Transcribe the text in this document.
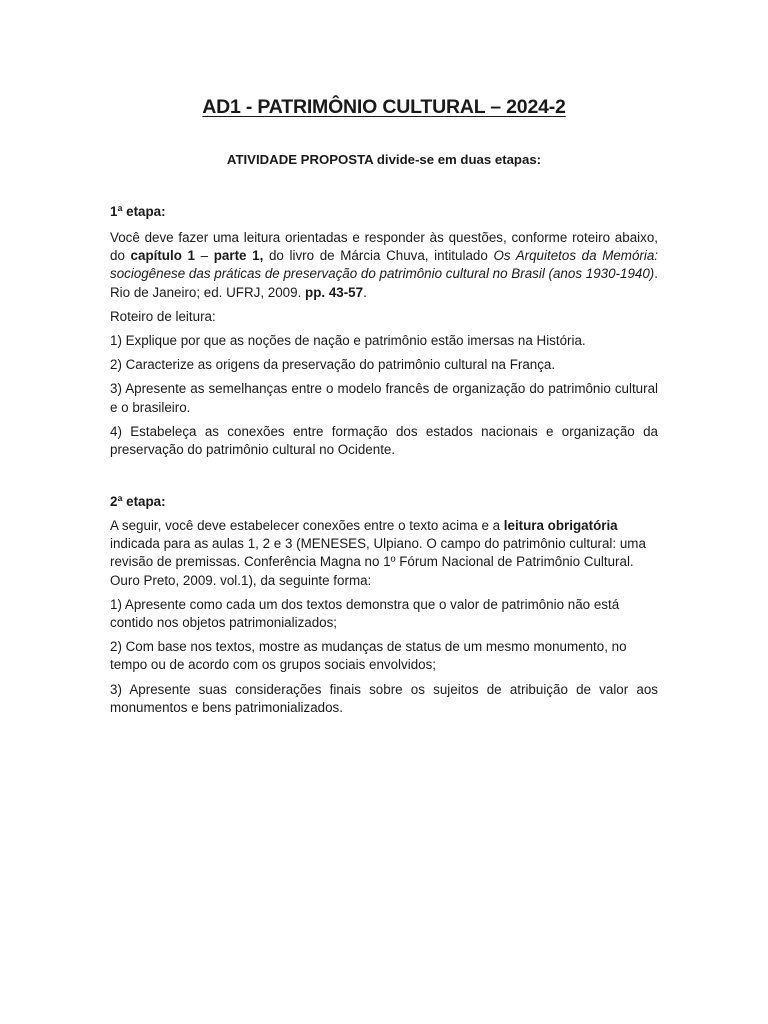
AD1 - PATRIMÔNIO CULTURAL – 2024-2

ATIVIDADE PROPOSTA divide-se em duas etapas:

1ª etapa:

Você deve fazer uma leitura orientadas e responder às questões, conforme roteiro abaixo, do capítulo 1 – parte 1, do livro de Márcia Chuva, intitulado Os Arquitetos da Memória: sociogênese das práticas de preservação do patrimônio cultural no Brasil (anos 1930-1940). Rio de Janeiro; ed. UFRJ, 2009. pp. 43-57.

Roteiro de leitura:

1) Explique por que as noções de nação e patrimônio estão imersas na História.

2) Caracterize as origens da preservação do patrimônio cultural na França.

3) Apresente as semelhanças entre o modelo francês de organização do patrimônio cultural e o brasileiro.

4) Estabeleça as conexões entre formação dos estados nacionais e organização da preservação do patrimônio cultural no Ocidente.

2ª etapa:

A seguir, você deve estabelecer conexões entre o texto acima e a leitura obrigatória indicada para as aulas 1, 2 e 3 (MENESES, Ulpiano. O campo do patrimônio cultural: uma revisão de premissas. Conferência Magna no 1º Fórum Nacional de Patrimônio Cultural. Ouro Preto, 2009. vol.1), da seguinte forma:

1) Apresente como cada um dos textos demonstra que o valor de patrimônio não está contido nos objetos patrimonializados;

2) Com base nos textos, mostre as mudanças de status de um mesmo monumento, no tempo ou de acordo com os grupos sociais envolvidos;

3) Apresente suas considerações finais sobre os sujeitos de atribuição de valor aos monumentos e bens patrimonializados.
